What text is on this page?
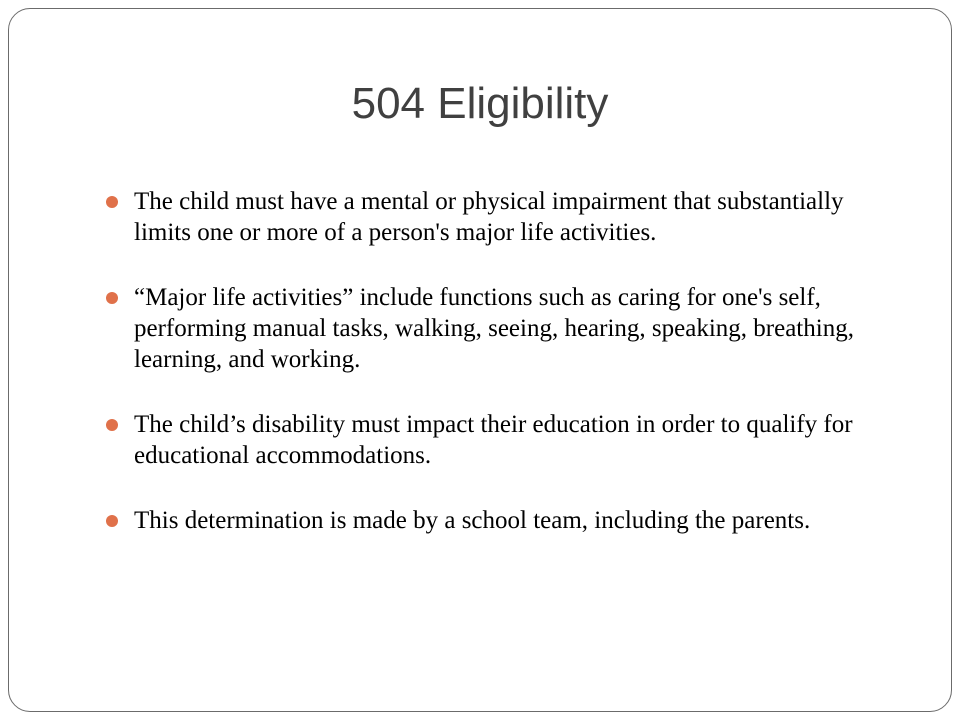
504 Eligibility
The child must have a mental or physical impairment that substantially limits one or more of a person's major life activities.
“Major life activities” include functions such as caring for one's self, performing manual tasks, walking, seeing, hearing, speaking, breathing, learning, and working.
The child’s disability must impact their education in order to qualify for educational accommodations.
This determination is made by a school team, including the parents.
